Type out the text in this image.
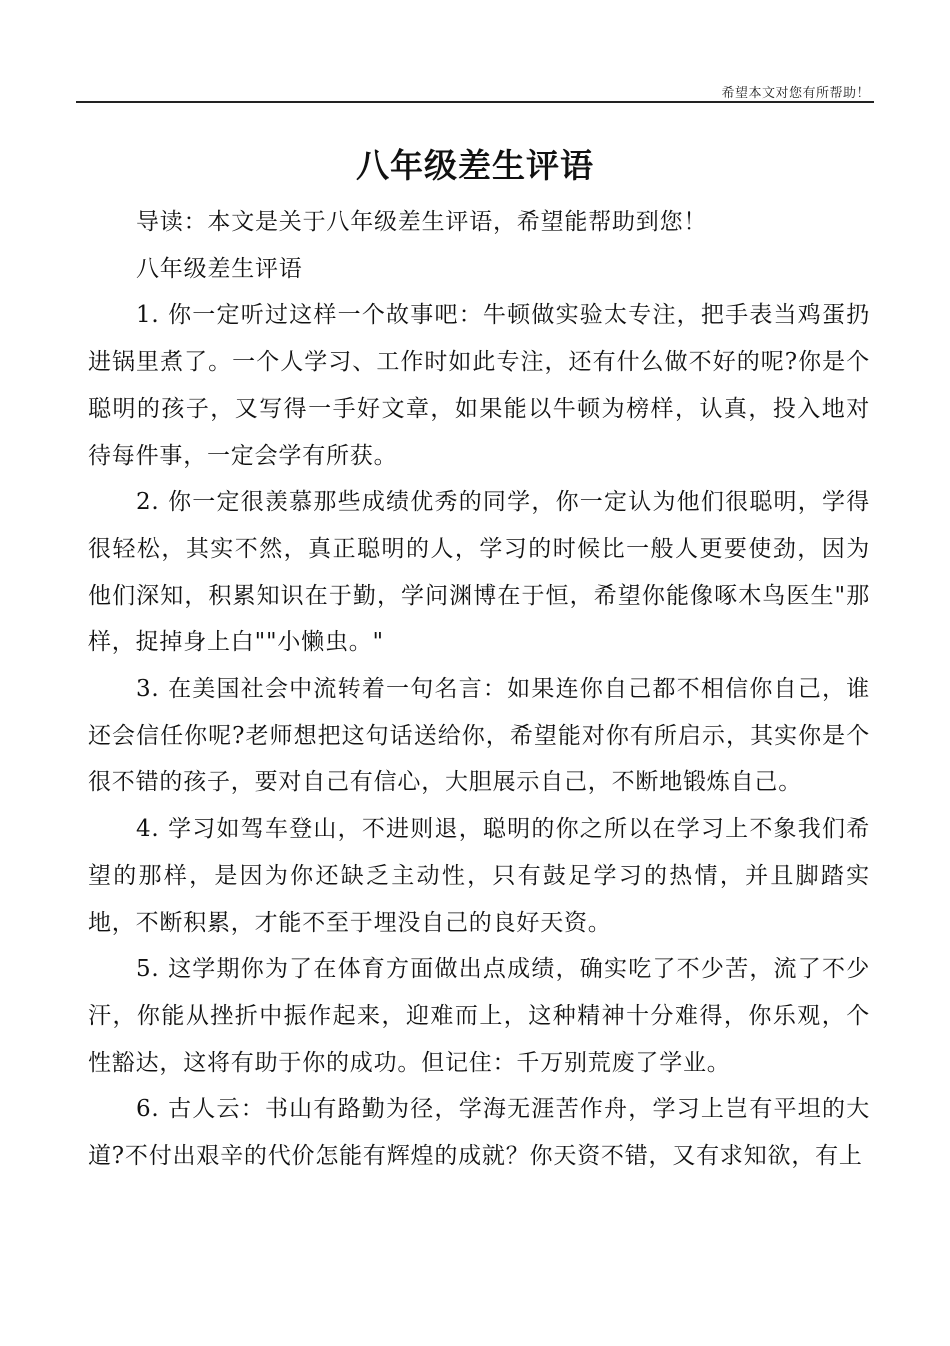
希望本文对您有所帮助！
八年级差生评语

导读：本文是关于八年级差生评语，希望能帮助到您！

八年级差生评语

1. 你一定听过这样一个故事吧：牛顿做实验太专注，把手表当鸡蛋扔进锅里煮了。一个人学习、工作时如此专注，还有什么做不好的呢?你是个聪明的孩子，又写得一手好文章，如果能以牛顿为榜样，认真，投入地对待每件事，一定会学有所获。

2. 你一定很羡慕那些成绩优秀的同学，你一定认为他们很聪明，学得很轻松，其实不然，真正聪明的人，学习的时候比一般人更要使劲，因为他们深知，积累知识在于勤，学问渊博在于恒，希望你能像啄木鸟医生"那样，捉掉身上白""小懒虫。"

3. 在美国社会中流转着一句名言：如果连你自己都不相信你自己，谁还会信任你呢?老师想把这句话送给你，希望能对你有所启示，其实你是个很不错的孩子，要对自己有信心，大胆展示自己，不断地锻炼自己。

4. 学习如驾车登山，不进则退，聪明的你之所以在学习上不象我们希望的那样，是因为你还缺乏主动性，只有鼓足学习的热情，并且脚踏实地，不断积累，才能不至于埋没自己的良好天资。

5. 这学期你为了在体育方面做出点成绩，确实吃了不少苦，流了不少汗，你能从挫折中振作起来，迎难而上，这种精神十分难得，你乐观，个性豁达，这将有助于你的成功。但记住：千万别荒废了学业。

6. 古人云：书山有路勤为径，学海无涯苦作舟，学习上岂有平坦的大道?不付出艰辛的代价怎能有辉煌的成就？你天资不错，又有求知欲，有上
